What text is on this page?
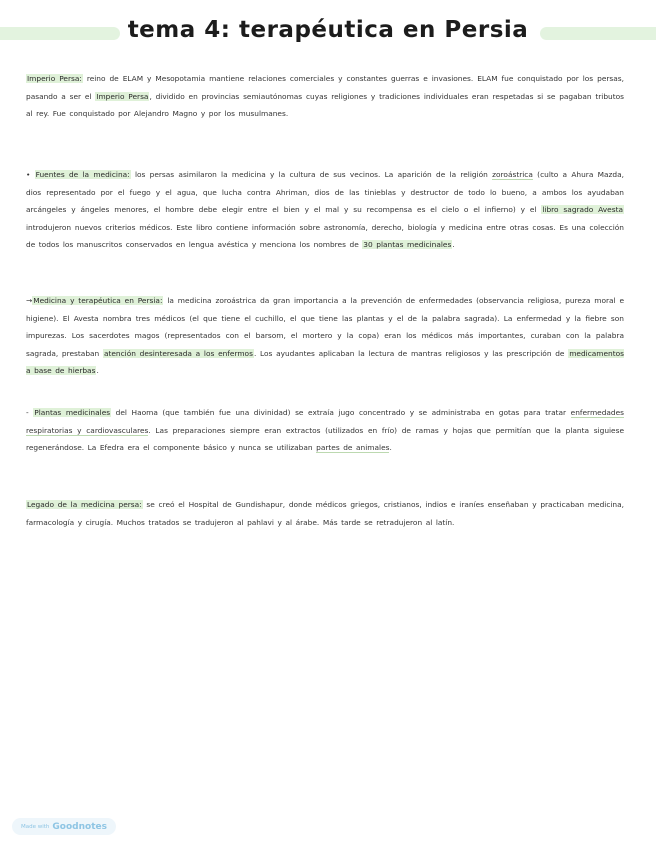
tema 4: terapéutica en Persia

Imperio Persa: reino de ELAM y Mesopotamia mantiene relaciones comerciales y constantes guerras e invasiones. ELAM fue conquistado por los persas, pasando a ser el Imperio Persa, dividido en provincias semiautónomas cuyas religiones y tradiciones individuales eran respetadas si se pagaban tributos al rey. Fue conquistado por Alejandro Magno y por los musulmanes.

• Fuentes de la medicina: los persas asimilaron la medicina y la cultura de sus vecinos. La aparición de la religión zoroástrica (culto a Ahura Mazda, dios representado por el fuego y el agua, que lucha contra Ahriman, dios de las tinieblas y destructor de todo lo bueno, a ambos los ayudaban arcángeles y ángeles menores, el hombre debe elegir entre el bien y el mal y su recompensa es el cielo o el infierno) y el libro sagrado Avesta introdujeron nuevos criterios médicos. Este libro contiene información sobre astronomía, derecho, biología y medicina entre otras cosas. Es una colección de todos los manuscritos conservados en lengua avéstica y menciona los nombres de 30 plantas medicinales.

→Medicina y terapéutica en Persia: la medicina zoroástrica da gran importancia a la prevención de enfermedades (observancia religiosa, pureza moral e higiene). El Avesta nombra tres médicos (el que tiene el cuchillo, el que tiene las plantas y el de la palabra sagrada). La enfermedad y la fiebre son impurezas. Los sacerdotes magos (representados con el barsom, el mortero y la copa) eran los médicos más importantes, curaban con la palabra sagrada, prestaban atención desinteresada a los enfermos. Los ayudantes aplicaban la lectura de mantras religiosos y las prescripción de medicamentos a base de hierbas.

- Plantas medicinales del Haoma (que también fue una divinidad) se extraía jugo concentrado y se administraba en gotas para tratar enfermedades respiratorias y cardiovasculares. Las preparaciones siempre eran extractos (utilizados en frío) de ramas y hojas que permitían que la planta siguiese regenerándose. La Efedra era el componente básico y nunca se utilizaban partes de animales.

Legado de la medicina persa: se creó el Hospital de Gundishapur, donde médicos griegos, cristianos, indios e iraníes enseñaban y practicaban medicina, farmacología y cirugía. Muchos tratados se tradujeron al pahlavi y al árabe. Más tarde se retradujeron al latín.

Made with Goodnotes
